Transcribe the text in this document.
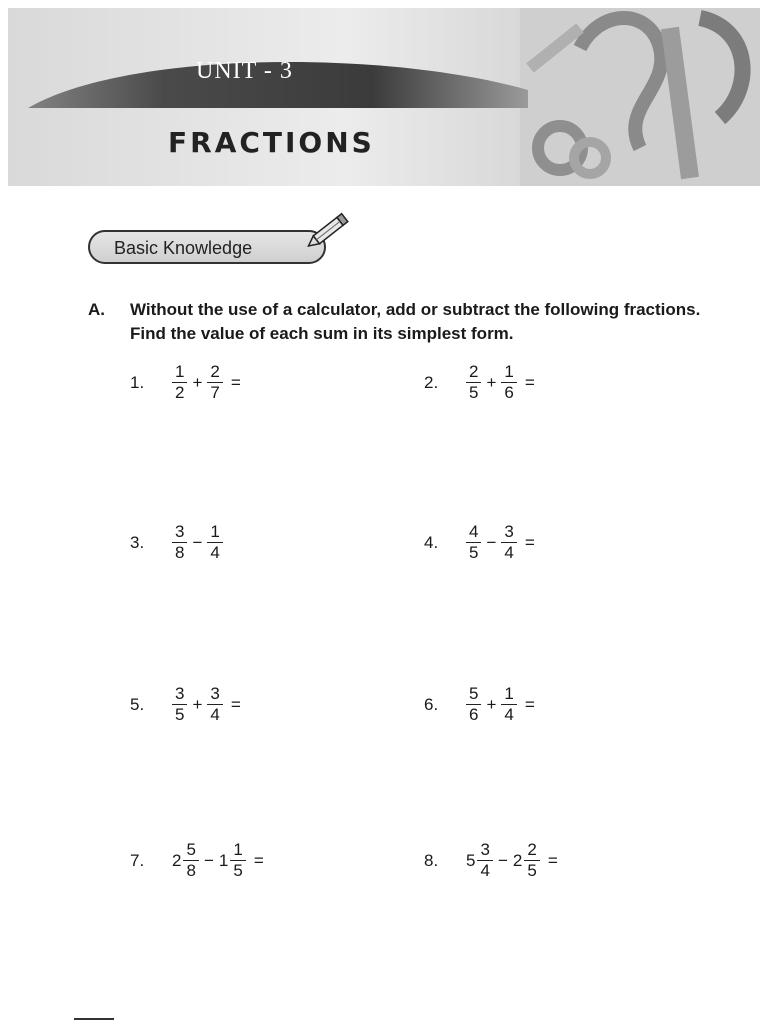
UNIT - 3
FRACTIONS
Basic Knowledge
A. Without the use of a calculator, add or subtract the following fractions. Find the value of each sum in its simplest form.
1.	$\frac{1}{2} + \frac{2}{7}$ =	2.	$\frac{2}{5} + \frac{1}{6}$ =
3.	$\frac{3}{8} - \frac{1}{4}$	4.	$\frac{4}{5} - \frac{3}{4}$ =
5.	$\frac{3}{5} + \frac{3}{4}$ =	6.	$\frac{5}{6} + \frac{1}{4}$ =
7.	$2 \frac{5}{8} - 1 \frac{1}{5}$ =	8.	$5 \frac{3}{4} - 2 \frac{2}{5}$ =
